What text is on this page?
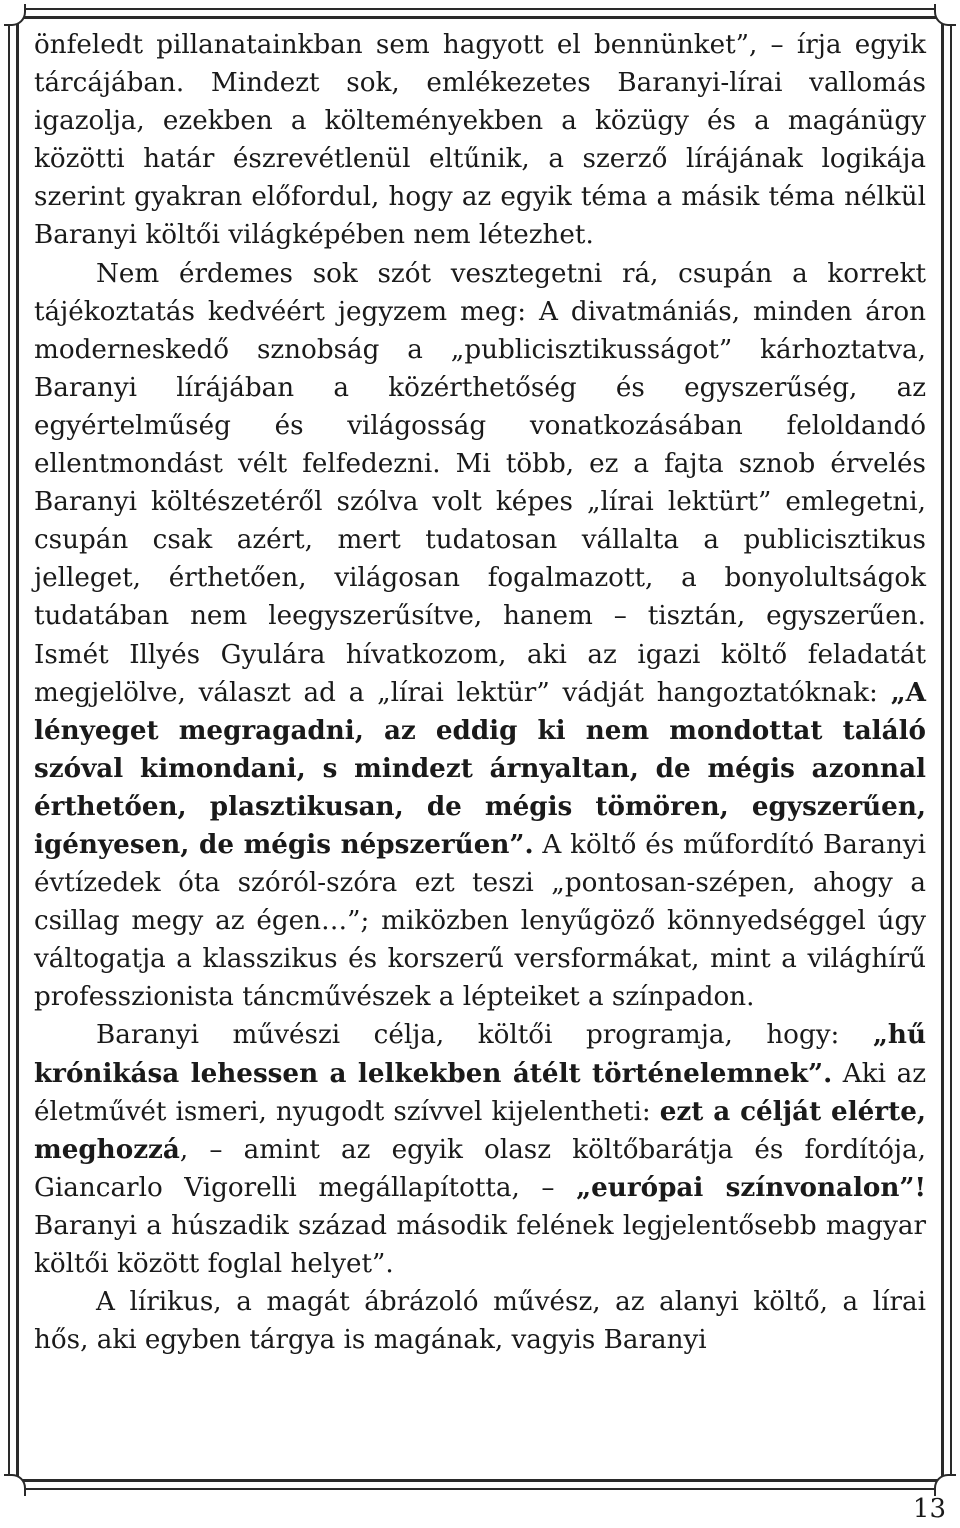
önfeledt pillanatainkban sem hagyott el bennünket”, – írja egyik tárcájában. Mindezt sok, emlékezetes Baranyi-lírai vallomás igazolja, ezekben a költeményekben a közügy és a magánügy közötti határ észrevétlenül eltűnik, a szerző lírájának logikája szerint gyakran előfordul, hogy az egyik téma a másik téma nélkül Baranyi költői világképében nem létezhet.

Nem érdemes sok szót vesztegetni rá, csupán a korrekt tájékoztatás kedvéért jegyzem meg: A divatmániás, minden áron moderneskedő sznobság a „publicisztikusságot” kárhoztatva, Baranyi lírájában a közérthetőség és egyszerűség, az egyértelműség és világosság vonatkozásában feloldandó ellentmondást vélt felfedezni. Mi több, ez a fajta sznob érvelés Baranyi költészetéről szólva volt képes „lírai lektürt” emlegetni, csupán csak azért, mert tudatosan vállalta a publicisztikus jelleget, érthetően, világosan fogalmazott, a bonyolultságok tudatában nem leegyszerűsítve, hanem – tisztán, egyszerűen. Ismét Illyés Gyulára hívatkozom, aki az igazi költő feladatát megjelölve, választ ad a „lírai lektür” vádját hangoztatóknak: „A lényeget megragadni, az eddig ki nem mondottat találó szóval kimondani, s mindezt árnyaltan, de mégis azonnal érthetően, plasztikusan, de mégis tömören, egyszerűen, igényesen, de mégis népszerűen”. A költő és műfordító Baranyi évtízedek óta szóról-szóra ezt teszi „pontosan-szépen, ahogy a csillag megy az égen…”; miközben lenyűgöző könnyedséggel úgy váltogatja a klasszikus és korszerű versformákat, mint a világhírű professzionista táncművészek a lépteiket a színpadon.

Baranyi művészi célja, költői programja, hogy: „hű krónikása lehessen a lelkekben átélt történelemnek”. Aki az életművét ismeri, nyugodt szívvel kijelentheti: ezt a célját elérte, meghozzá, – amint az egyik olasz költőbarátja és fordítója, Giancarlo Vigorelli megállapította, – „európai színvonalon”! Baranyi a húszadik század második felének legjelentősebb magyar költői között foglal helyet”.

A lírikus, a magát ábrázoló művész, az alanyi költő, a lírai hős, aki egyben tárgya is magának, vagyis Baranyi

13
